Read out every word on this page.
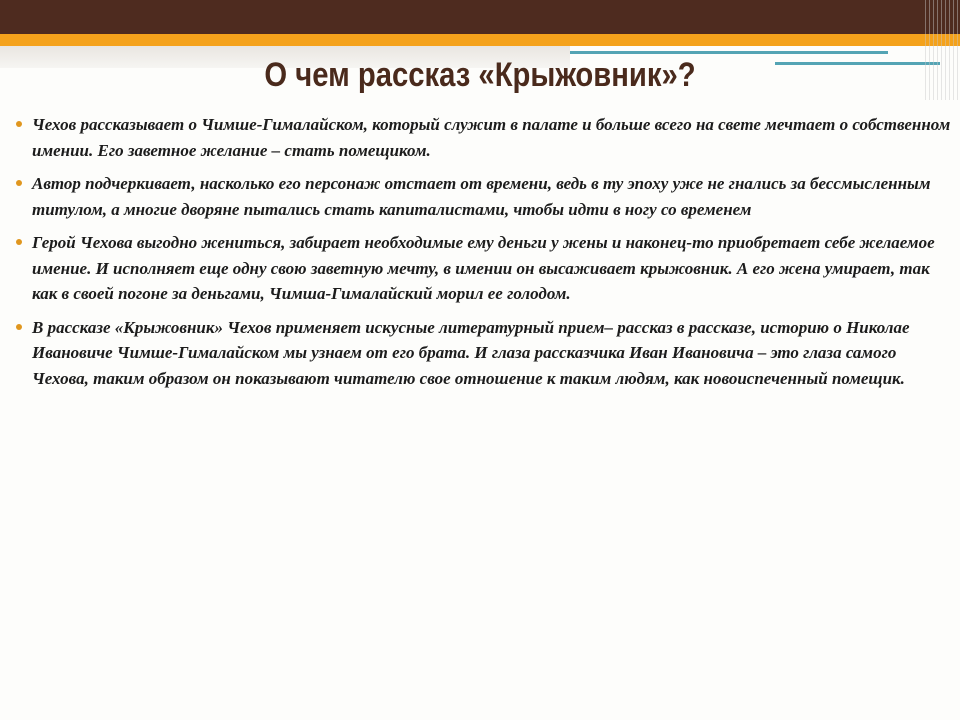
О чем рассказ «Крыжовник»?
Чехов рассказывает о Чимше-Гималайском, который служит в палате и больше всего на свете мечтает о собственном имении. Его заветное желание – стать помещиком.
Автор подчеркивает, насколько его персонаж отстает от времени, ведь в ту эпоху уже не гнались за бессмысленным титулом, а многие дворяне пытались стать капиталистами, чтобы идти в ногу со временем
Герой Чехова выгодно жениться, забирает необходимые ему деньги у жены и наконец-то приобретает себе желаемое имение. И исполняет еще одну свою заветную мечту, в имении он высаживает крыжовник. А его жена умирает, так как в своей погоне за деньгами, Чимша-Гималайский морил ее голодом.
В рассказе «Крыжовник» Чехов применяет искусные литературный прием– рассказ в рассказе, историю о Николае Ивановиче Чимше-Гималайском мы узнаем от его брата. И глаза рассказчика Иван Ивановича – это глаза самого Чехова, таким образом он показывают читателю свое отношение к таким людям, как новоиспеченный помещик.
